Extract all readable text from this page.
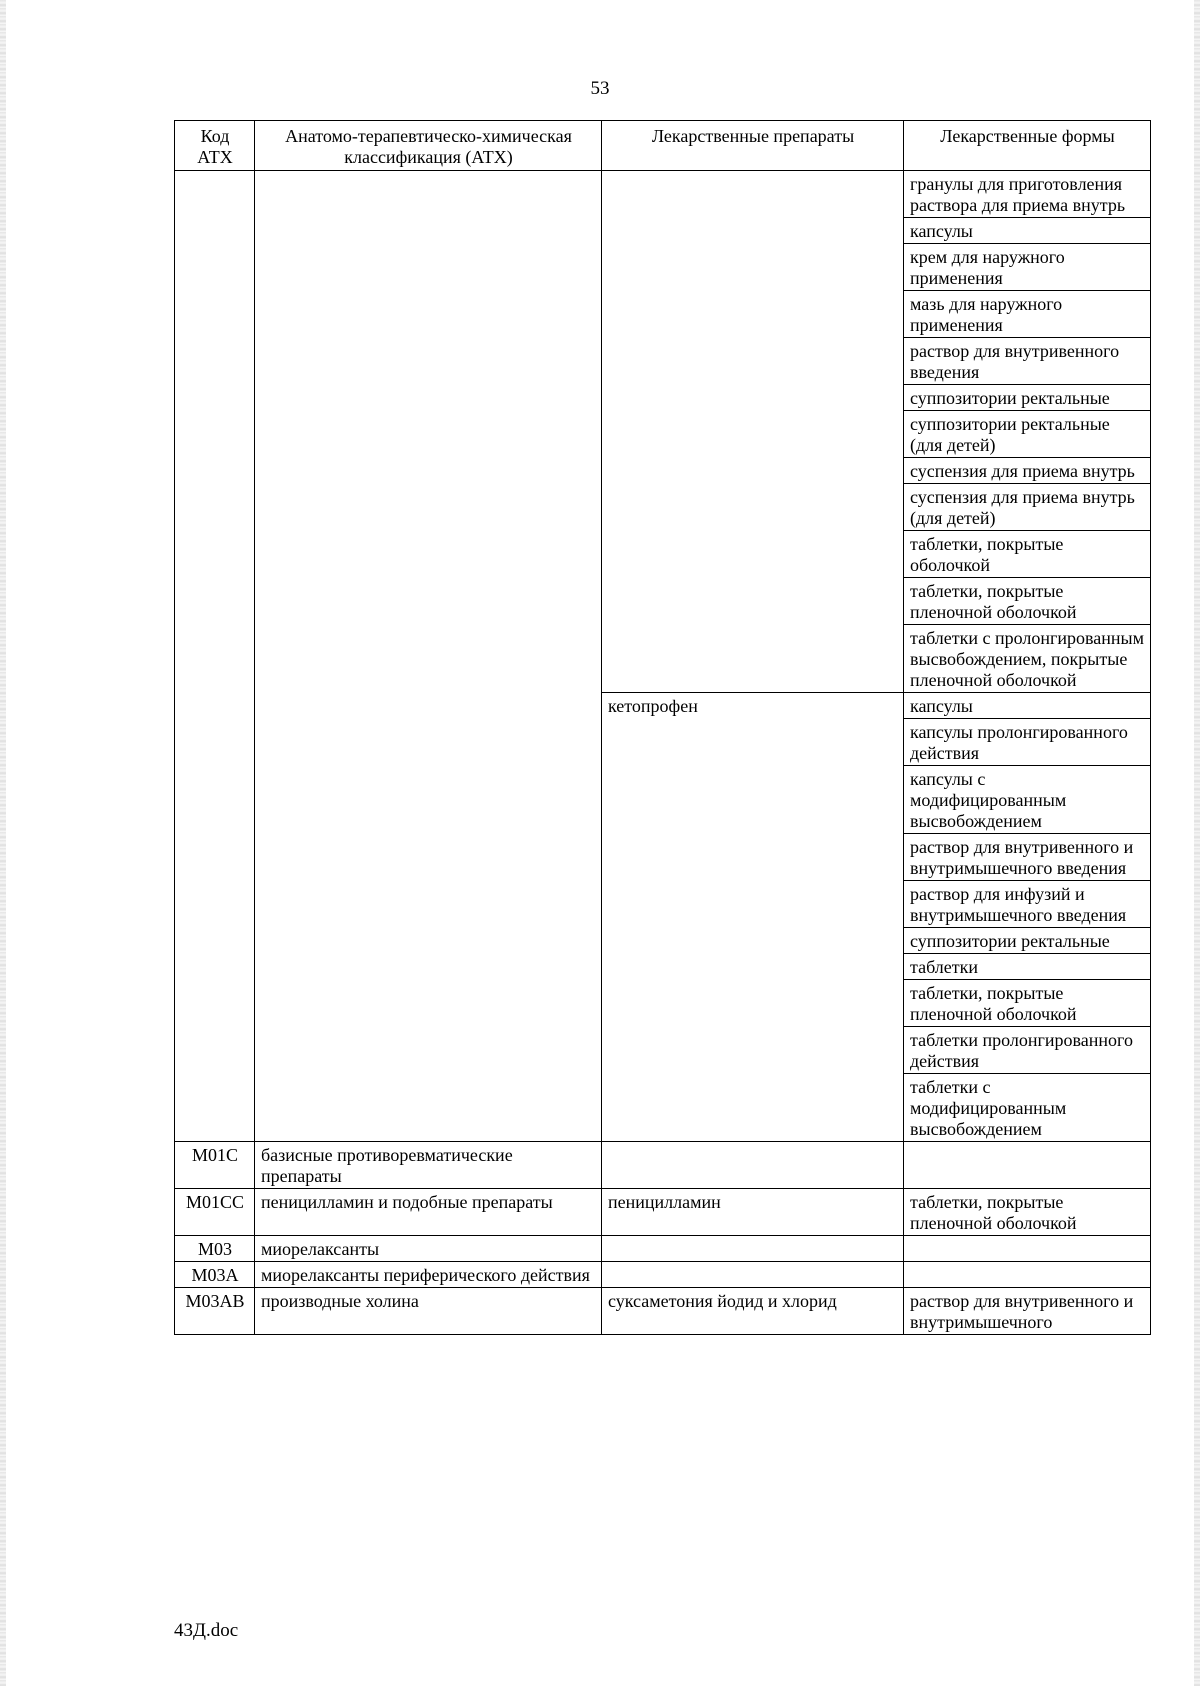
53
Код АТХ	Анатомо-терапевтическо-химическая классификация (АТХ)	Лекарственные препараты	Лекарственные формы
			гранулы для приготовления раствора для приема внутрь
			капсулы
			крем для наружного применения
			мазь для наружного применения
			раствор для внутривенного введения
			суппозитории ректальные
			суппозитории ректальные (для детей)
			суспензия для приема внутрь
			суспензия для приема внутрь (для детей)
			таблетки, покрытые оболочкой
			таблетки, покрытые пленочной оболочкой
			таблетки с пролонгированным высвобождением, покрытые пленочной оболочкой
		кетопрофен	капсулы
			капсулы пролонгированного действия
			капсулы с модифицированным высвобождением
			раствор для внутривенного и внутримышечного введения
			раствор для инфузий и внутримышечного введения
			суппозитории ректальные
			таблетки
			таблетки, покрытые пленочной оболочкой
			таблетки пролонгированного действия
			таблетки с модифицированным высвобождением
M01C	базисные противоревматические препараты		
M01CC	пеницилламин и подобные препараты	пеницилламин	таблетки, покрытые пленочной оболочкой
M03	миорелаксанты		
M03A	миорелаксанты периферического действия		
M03AB	производные холина	суксаметония йодид и хлорид	раствор для внутривенного и внутримышечного
43Д.doc
